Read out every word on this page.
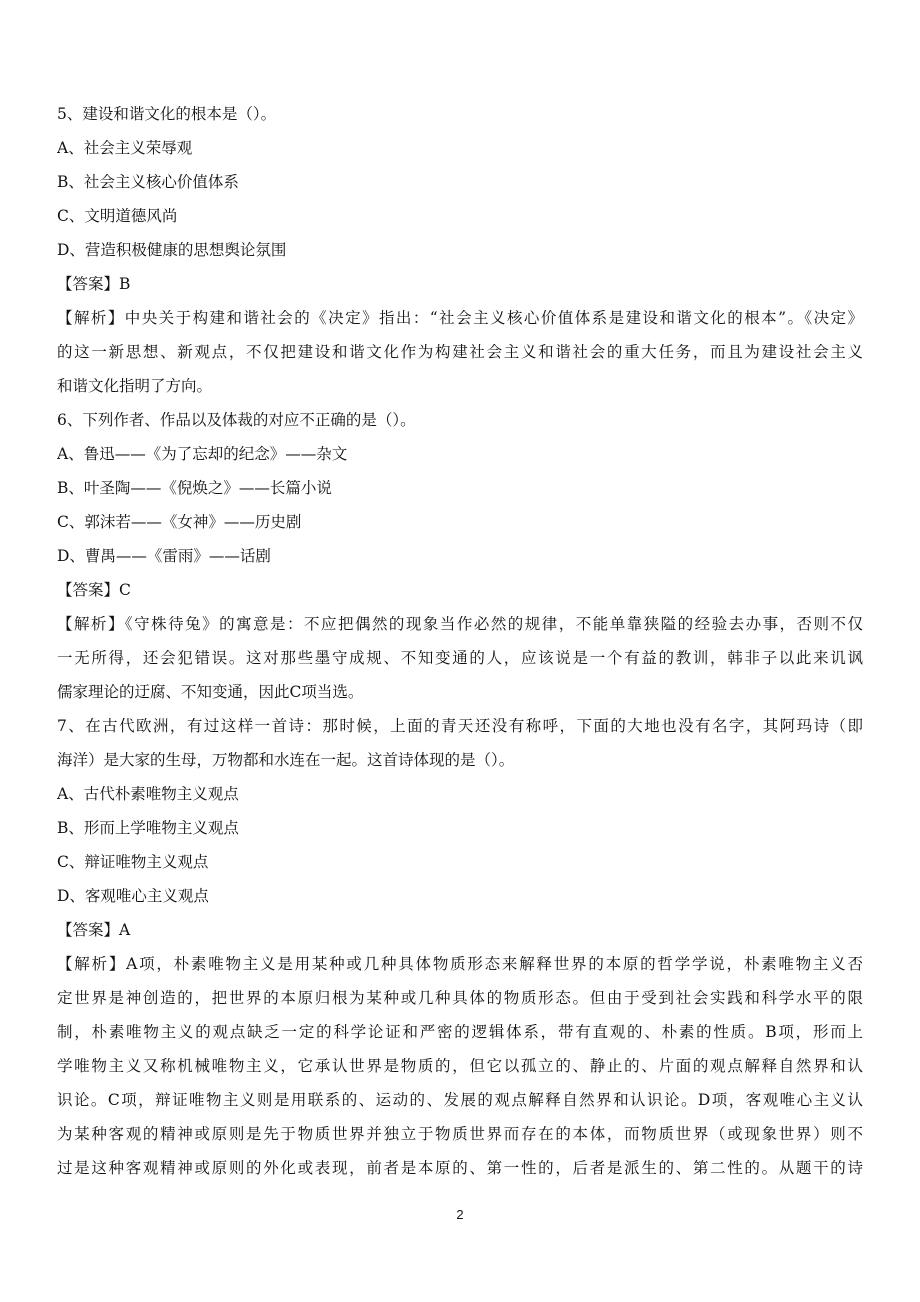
5、建设和谐文化的根本是（）。
A、社会主义荣辱观
B、社会主义核心价值体系
C、文明道德风尚
D、营造积极健康的思想舆论氛围
【答案】B
【解析】中央关于构建和谐社会的《决定》指出：“社会主义核心价值体系是建设和谐文化的根本”。《决定》
的这一新思想、新观点，不仅把建设和谐文化作为构建社会主义和谐社会的重大任务，而且为建设社会主义
和谐文化指明了方向。
6、下列作者、作品以及体裁的对应不正确的是（）。
A、鲁迅——《为了忘却的纪念》——杂文
B、叶圣陶——《倪焕之》——长篇小说
C、郭沫若——《女神》——历史剧
D、曹禺——《雷雨》——话剧
【答案】C
【解析】《守株待兔》的寓意是：不应把偶然的现象当作必然的规律，不能单靠狭隘的经验去办事，否则不仅
一无所得，还会犯错误。这对那些墨守成规、不知变通的人，应该说是一个有益的教训，韩非子以此来讥讽
儒家理论的迂腐、不知变通，因此C项当选。
7、在古代欧洲，有过这样一首诗：那时候，上面的青天还没有称呼，下面的大地也没有名字，其阿玛诗（即
海洋）是大家的生母，万物都和水连在一起。这首诗体现的是（）。
A、古代朴素唯物主义观点
B、形而上学唯物主义观点
C、辩证唯物主义观点
D、客观唯心主义观点
【答案】A
【解析】A项，朴素唯物主义是用某种或几种具体物质形态来解释世界的本原的哲学学说，朴素唯物主义否
定世界是神创造的，把世界的本原归根为某种或几种具体的物质形态。但由于受到社会实践和科学水平的限
制，朴素唯物主义的观点缺乏一定的科学论证和严密的逻辑体系，带有直观的、朴素的性质。B项，形而上
学唯物主义又称机械唯物主义，它承认世界是物质的，但它以孤立的、静止的、片面的观点解释自然界和认
识论。C项，辩证唯物主义则是用联系的、运动的、发展的观点解释自然界和认识论。D项，客观唯心主义认
为某种客观的精神或原则是先于物质世界并独立于物质世界而存在的本体，而物质世界（或现象世界）则不
过是这种客观精神或原则的外化或表现，前者是本原的、第一性的，后者是派生的、第二性的。从题干的诗
2
